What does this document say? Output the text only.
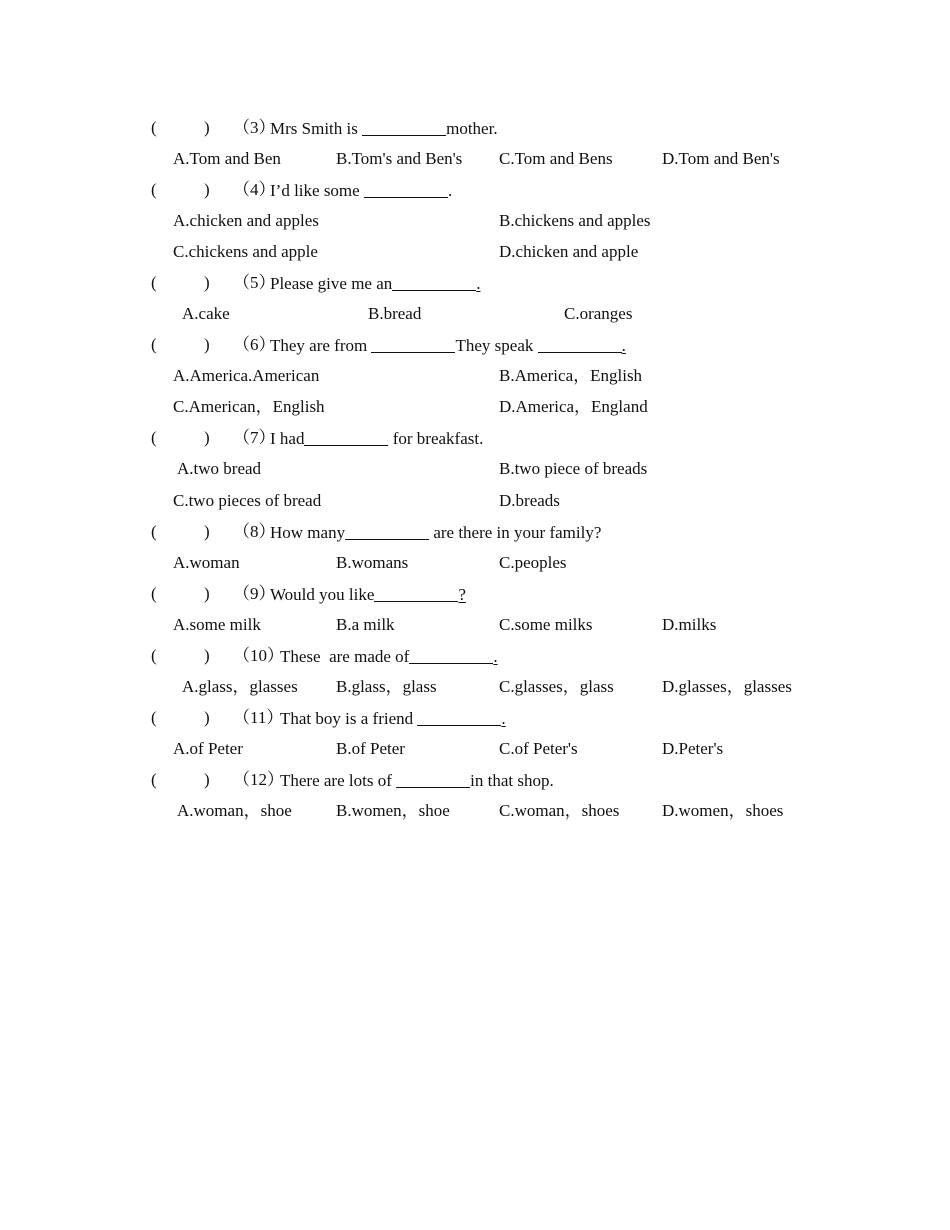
(	) （3）
Mrs Smith is	mother.
A.Tom and Ben	B.Tom's and Ben's C.Tom and Bens	D.Tom and Ben's
(	) （4）
I’d like some	.
A.chicken and apples	B.chickens and apples
C.chickens and apple	D.chicken and apple
(	) （5）
Please give me an	.
A.cake	B.bread	C.oranges
(	) （6）
They are from	They speak	.
A.America.American	B.America，English
C.American，English	D.America，England
(	) （7）
I had	for breakfast.
A.two bread	B.two piece of breads
C.two pieces of bread	D.breads
(	) （8）
How many	are there in your family?
A.woman	B.womans	C.peoples
(	) （9）
Would you like	?
A.some milk	B.a milk	C.some milks	D.milks
(	) （10）
These  are made of	.
A.glass，glasses B.glass，glass	C.glasses，glass	D.glasses，glasses
(	) （11）
That boy is a friend	.
A.of Peter	B.of Peter	C.of Peter's	D.Peter's
(	) （12）
There are lots of	in that shop.
A.woman，shoe	B.women，shoe	C.woman，shoes	D.women，shoes
